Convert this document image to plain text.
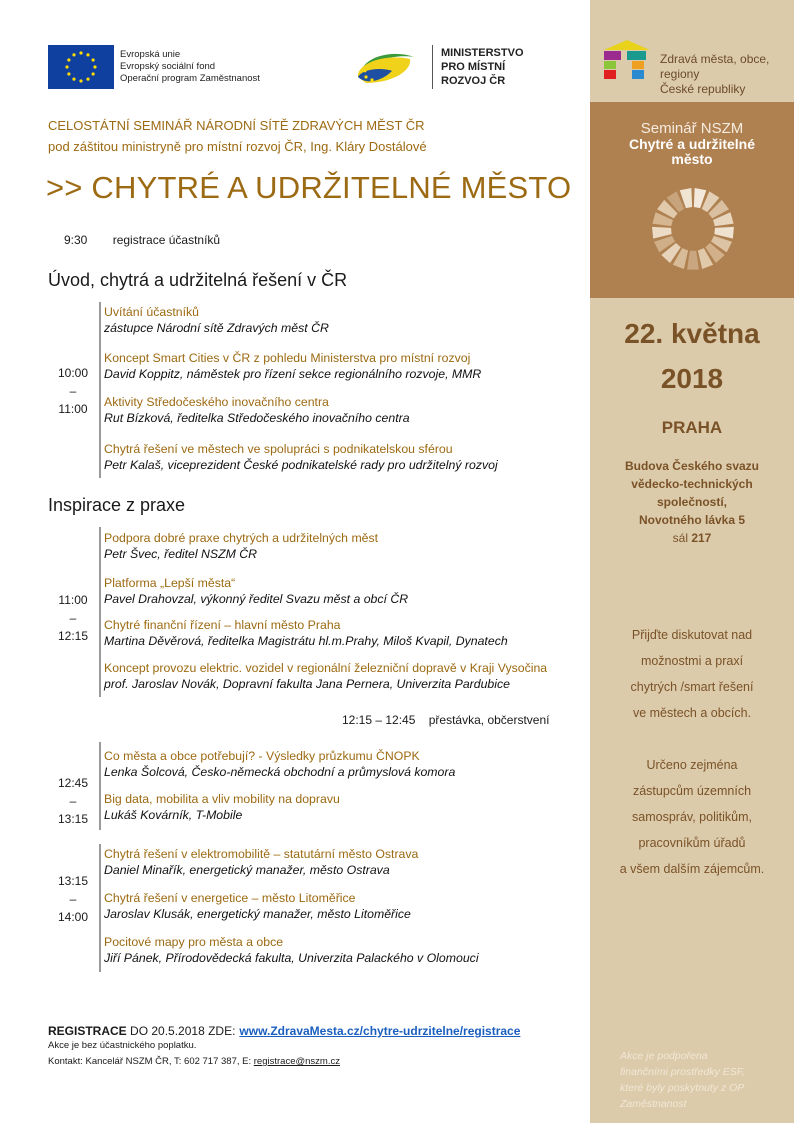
Evropská unie
Evropský sociální fond
Operační program Zaměstnanost
MINISTERSTVO
PRO MÍSTNÍ
ROZVOJ ČR
CELOSTÁTNÍ SEMINÁŘ NÁRODNÍ SÍTĚ ZDRAVÝCH MĚST ČR
pod záštitou ministryně pro místní rozvoj ČR, Ing. Kláry Dostálové
>> CHYTRÉ A UDRŽITELNÉ MĚSTO
9:30 registrace účastníků
Úvod, chytrá a udržitelná řešení v ČR
10:00
–
11:00
Uvítání účastníků
zástupce Národní sítě Zdravých měst ČR
Koncept Smart Cities v ČR z pohledu Ministerstva pro místní rozvoj
David Koppitz, náměstek pro řízení sekce regionálního rozvoje, MMR
Aktivity Středočeského inovačního centra
Rut Bízková, ředitelka Středočeského inovačního centra
Chytrá řešení ve městech ve spolupráci s podnikatelskou sférou
Petr Kalaš, viceprezident České podnikatelské rady pro udržitelný rozvoj
Inspirace z praxe
11:00
–
12:15
Podpora dobré praxe chytrých a udržitelných měst
Petr Švec, ředitel NSZM ČR
Platforma „Lepší města“
Pavel Drahovzal, výkonný ředitel Svazu měst a obcí ČR
Chytré finanční řízení – hlavní město Praha
Martina Děvěrová, ředitelka Magistrátu hl.m.Prahy, Miloš Kvapil, Dynatech
Koncept provozu elektric. vozidel v regionální železniční dopravě v Kraji Vysočina
prof. Jaroslav Novák, Dopravní fakulta Jana Pernera, Univerzita Pardubice
12:15 – 12:45 přestávka, občerstvení
12:45
–
13:15
Co města a obce potřebují? - Výsledky průzkumu ČNOPK
Lenka Šolcová, Česko-německá obchodní a průmyslová komora
Big data, mobilita a vliv mobility na dopravu
Lukáš Kovárník, T-Mobile
13:15
–
14:00
Chytrá řešení v elektromobilitě – statutární město Ostrava
Daniel Minařík, energetický manažer, město Ostrava
Chytrá řešení v energetice – město Litoměřice
Jaroslav Klusák, energetický manažer, město Litoměřice
Pocitové mapy pro města a obce
Jiří Pánek, Přírodovědecká fakulta, Univerzita Palackého v Olomouci
REGISTRACE DO 20.5.2018 ZDE: www.ZdravaMesta.cz/chytre-udrzitelne/registrace
Akce je bez účastnického poplatku.
Kontakt: Kancelář NSZM ČR, T: 602 717 387, E: registrace@nszm.cz
Zdravá města, obce, regiony
České republiky
Seminář NSZM
Chytré a udržitelné
město
22. května
2018
PRAHA
Budova Českého svazu
vědecko-technických
společností,
Novotného lávka 5
sál 217
Přijďte diskutovat nad
možnostmi a praxí
chytrých /smart řešení
ve městech a obcích.
Určeno zejména
zástupcům územních
samospráv, politikům,
pracovníkům úřadů
a všem dalším zájemcům.
Akce je podpořena
finančními prostředky ESF,
které byly poskytnuty z OP
Zaměstnanost
